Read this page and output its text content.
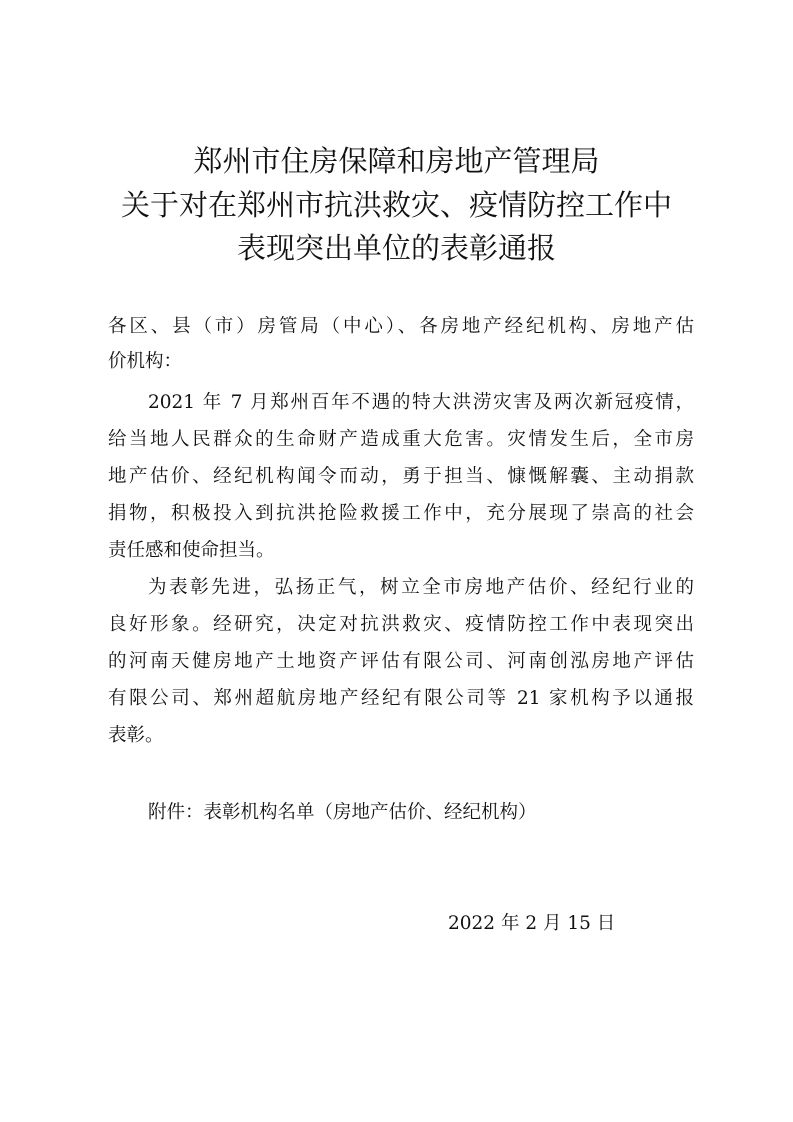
郑州市住房保障和房地产管理局
关于对在郑州市抗洪救灾、疫情防控工作中
表现突出单位的表彰通报
各区、县（市）房管局（中心）、各房地产经纪机构、房地产估
价机构：
2021 年 7 月郑州百年不遇的特大洪涝灾害及两次新冠疫情，
给当地人民群众的生命财产造成重大危害。灾情发生后，全市房
地产估价、经纪机构闻令而动，勇于担当、慷慨解囊、主动捐款
捐物，积极投入到抗洪抢险救援工作中，充分展现了崇高的社会
责任感和使命担当。
为表彰先进，弘扬正气，树立全市房地产估价、经纪行业的
良好形象。经研究，决定对抗洪救灾、疫情防控工作中表现突出
的河南天健房地产土地资产评估有限公司、河南创泓房地产评估
有限公司、郑州超航房地产经纪有限公司等 21 家机构予以通报
表彰。
附件：表彰机构名单（房地产估价、经纪机构）
2022 年 2 月 15 日
